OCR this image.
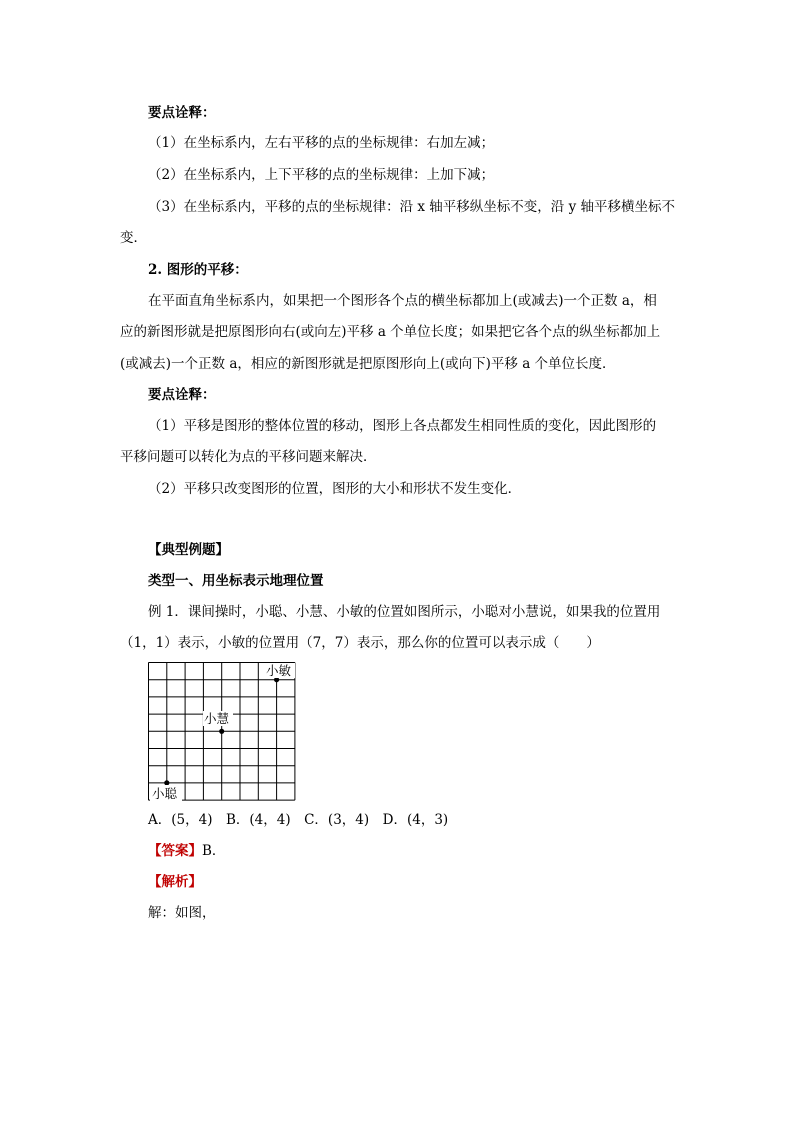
要点诠释：
（1）在坐标系内，左右平移的点的坐标规律：右加左减；
（2）在坐标系内，上下平移的点的坐标规律：上加下减；
（3）在坐标系内，平移的点的坐标规律：沿 x 轴平移纵坐标不变，沿 y 轴平移横坐标不
变．
2. 图形的平移：
在平面直角坐标系内，如果把一个图形各个点的横坐标都加上(或减去)一个正数 a，相
应的新图形就是把原图形向右(或向左)平移 a 个单位长度；如果把它各个点的纵坐标都加上
(或减去)一个正数 a，相应的新图形就是把原图形向上(或向下)平移 a 个单位长度．
要点诠释：
（1）平移是图形的整体位置的移动，图形上各点都发生相同性质的变化，因此图形的
平移问题可以转化为点的平移问题来解决．
（2）平移只改变图形的位置，图形的大小和形状不发生变化．
【典型例题】
类型一、用坐标表示地理位置
例 1．课间操时，小聪、小慧、小敏的位置如图所示，小聪对小慧说，如果我的位置用
（1，1）表示，小敏的位置用（7，7）表示，那么你的位置可以表示成（　　）
小敏
小慧
小聪
A．(5，4)　B．(4，4)　C．(3，4)　D．(4，3)
【答案】B．
【解析】
解：如图，
